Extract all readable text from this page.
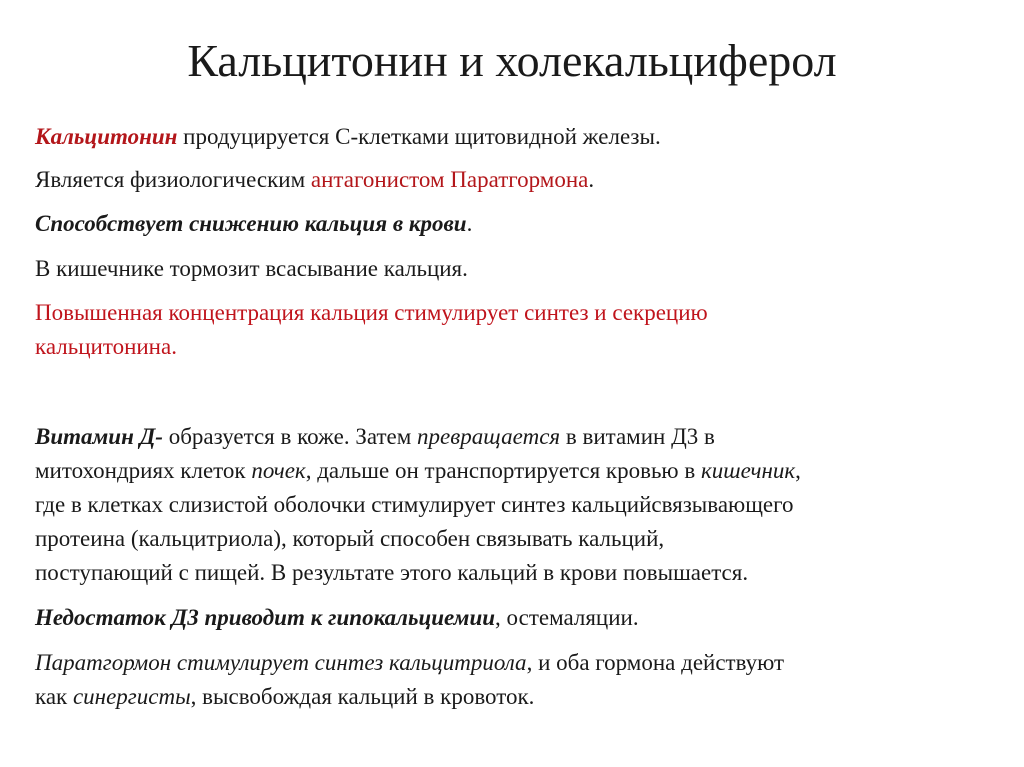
Кальцитонин и холекальциферол

Кальцитонин продуцируется С-клетками щитовидной железы.

Является физиологическим антагонистом Паратгормона.

Способствует снижению кальция в крови.

В кишечнике тормозит всасывание кальция.

Повышенная концентрация кальция стимулирует синтез и секрецию
кальцитонина.

Витамин Д- образуется в коже. Затем превращается в витамин Д3 в
митохондриях клеток почек, дальше он транспортируется кровью в кишечник,
где в клетках слизистой оболочки стимулирует синтез кальцийсвязывающего
протеина (кальцитриола), который способен связывать кальций,
поступающий с пищей. В результате этого кальций в крови повышается.

Недостаток Д3 приводит к гипокальциемии, остемаляции.

Паратгормон стимулирует синтез кальцитриола, и оба гормона действуют
как синергисты, высвобождая кальций в кровоток.
